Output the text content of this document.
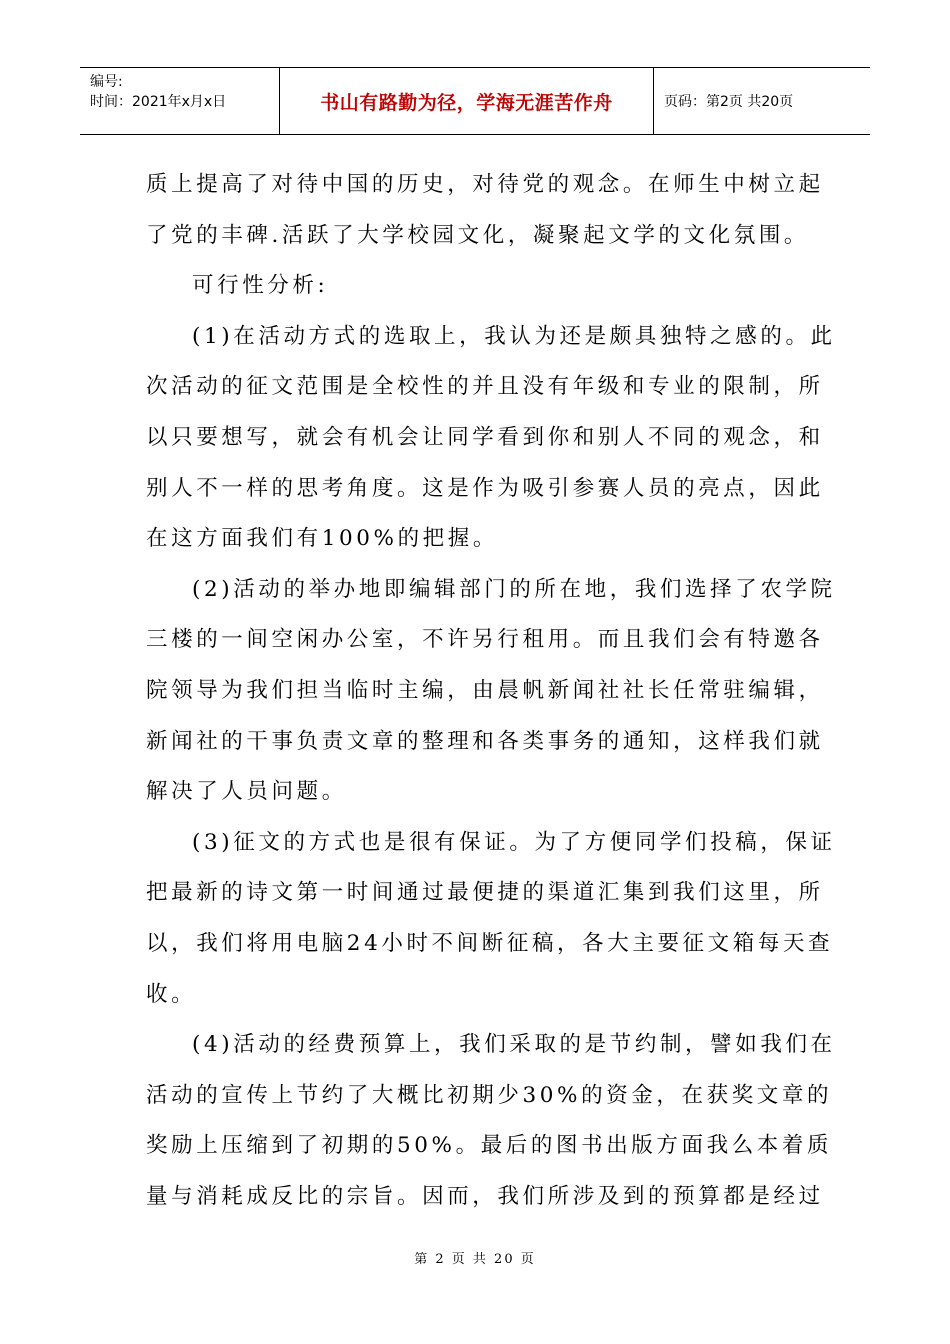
编号:
时间：2021年x月x日	书山有路勤为径，学海无涯苦作舟	页码：第2页 共20页
质上提高了对待中国的历史，对待党的观念。在师生中树立起
了党的丰碑.活跃了大学校园文化，凝聚起文学的文化氛围。
可行性分析:
(1)在活动方式的选取上，我认为还是颇具独特之感的。此
次活动的征文范围是全校性的并且没有年级和专业的限制，所
以只要想写，就会有机会让同学看到你和别人不同的观念，和
别人不一样的思考角度。这是作为吸引参赛人员的亮点，因此
在这方面我们有100%的把握。
(2)活动的举办地即编辑部门的所在地，我们选择了农学院
三楼的一间空闲办公室，不许另行租用。而且我们会有特邀各
院领导为我们担当临时主编，由晨帆新闻社社长任常驻编辑，
新闻社的干事负责文章的整理和各类事务的通知，这样我们就
解决了人员问题。
(3)征文的方式也是很有保证。为了方便同学们投稿，保证
把最新的诗文第一时间通过最便捷的渠道汇集到我们这里，所
以，我们将用电脑24小时不间断征稿，各大主要征文箱每天查
收。
(4)活动的经费预算上，我们采取的是节约制，譬如我们在
活动的宣传上节约了大概比初期少30%的资金，在获奖文章的
奖励上压缩到了初期的50%。最后的图书出版方面我么本着质
量与消耗成反比的宗旨。因而，我们所涉及到的预算都是经过
第 2 页 共 20 页
